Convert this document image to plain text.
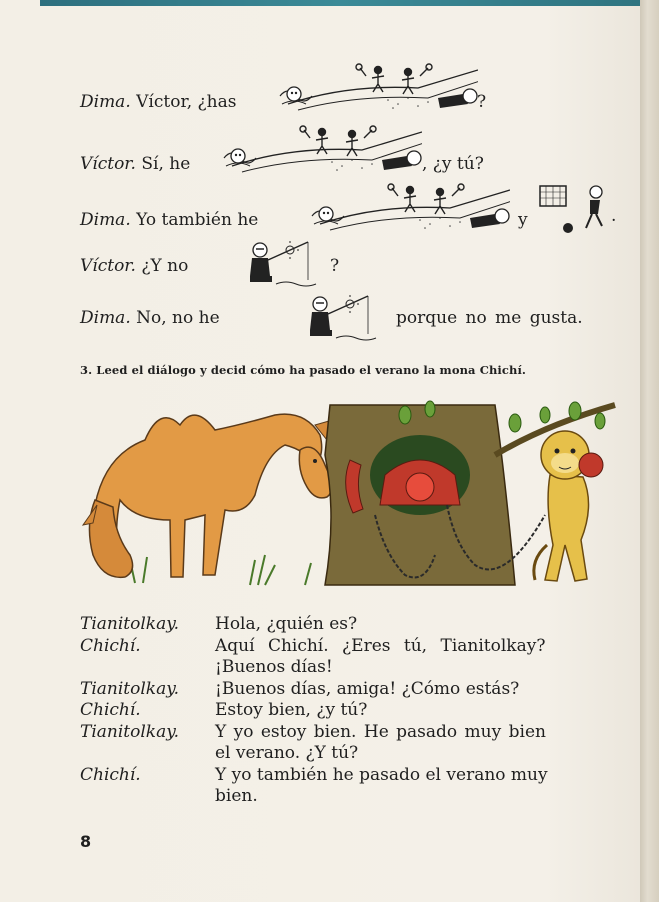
Dima. Víctor, ¿has	?
Víctor. Sí, he	, ¿y tú?
Dima. Yo también he	y	.
Víctor. ¿Y no	?
Dima. No, no he	porque no me gusta.
3. Leed el diálogo y decid cómo ha pasado el verano la mona Chichí.
Tianitolkay.	Hola, ¿quién es?
Chichí.	Aquí Chichí. ¿Eres tú, Tianitolkay?
¡Buenos días!
Tianitolkay.	¡Buenos días, amiga! ¿Cómo estás?
Chichí.	Estoy bien, ¿y tú?
Tianitolkay.	Y yo estoy bien. He pasado muy bien
el verano. ¿Y tú?
Chichí.	Y yo también he pasado el verano muy
bien.
8
